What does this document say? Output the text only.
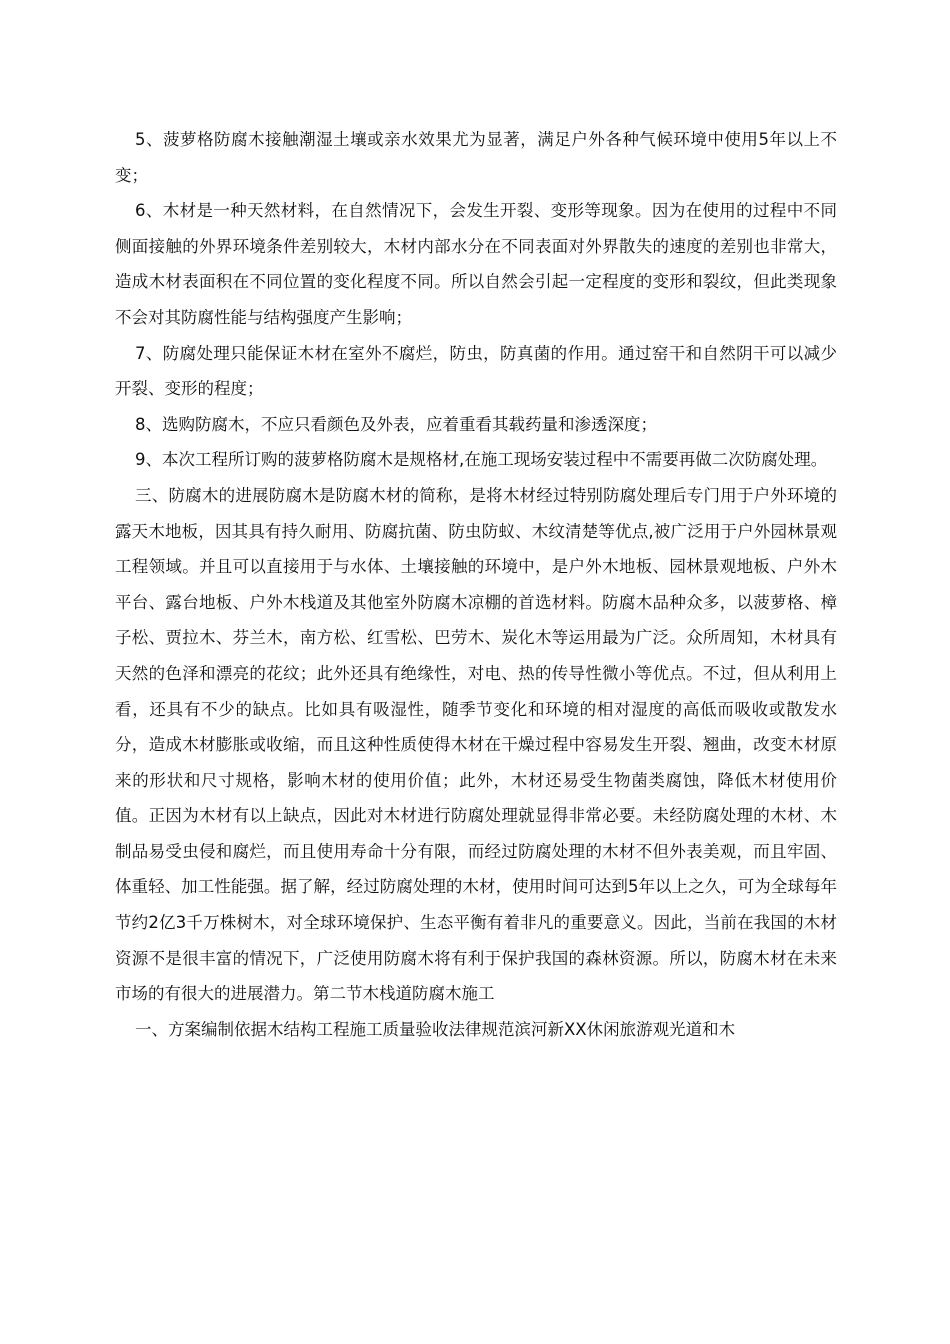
5、菠萝格防腐木接触潮湿土壤或亲水效果尤为显著，满足户外各种气候环境中使用5年以上不变；

6、木材是一种天然材料，在自然情况下，会发生开裂、变形等现象。因为在使用的过程中不同侧面接触的外界环境条件差别较大，木材内部水分在不同表面对外界散失的速度的差别也非常大，造成木材表面积在不同位置的变化程度不同。所以自然会引起一定程度的变形和裂纹，但此类现象不会对其防腐性能与结构强度产生影响；

7、防腐处理只能保证木材在室外不腐烂，防虫，防真菌的作用。通过窑干和自然阴干可以减少开裂、变形的程度；

8、选购防腐木，不应只看颜色及外表，应着重看其载药量和渗透深度；

9、本次工程所订购的菠萝格防腐木是规格材,在施工现场安装过程中不需要再做二次防腐处理。

三、防腐木的进展防腐木是防腐木材的简称，是将木材经过特别防腐处理后专门用于户外环境的露天木地板，因其具有持久耐用、防腐抗菌、防虫防蚁、木纹清楚等优点,被广泛用于户外园林景观工程领域。并且可以直接用于与水体、土壤接触的环境中，是户外木地板、园林景观地板、户外木平台、露台地板、户外木栈道及其他室外防腐木凉棚的首选材料。防腐木品种众多，以菠萝格、樟子松、贾拉木、芬兰木，南方松、红雪松、巴劳木、炭化木等运用最为广泛。众所周知，木材具有天然的色泽和漂亮的花纹；此外还具有绝缘性，对电、热的传导性微小等优点。不过，但从利用上看，还具有不少的缺点。比如具有吸湿性，随季节变化和环境的相对湿度的高低而吸收或散发水分，造成木材膨胀或收缩，而且这种性质使得木材在干燥过程中容易发生开裂、翘曲，改变木材原来的形状和尺寸规格，影响木材的使用价值；此外，木材还易受生物菌类腐蚀，降低木材使用价值。正因为木材有以上缺点，因此对木材进行防腐处理就显得非常必要。未经防腐处理的木材、木制品易受虫侵和腐烂，而且使用寿命十分有限，而经过防腐处理的木材不但外表美观，而且牢固、体重轻、加工性能强。据了解，经过防腐处理的木材，使用时间可达到5年以上之久，可为全球每年节约2亿3千万株树木，对全球环境保护、生态平衡有着非凡的重要意义。因此，当前在我国的木材资源不是很丰富的情况下，广泛使用防腐木将有利于保护我国的森林资源。所以，防腐木材在未来市场的有很大的进展潜力。第二节木栈道防腐木施工

一、方案编制依据木结构工程施工质量验收法律规范滨河新XX休闲旅游观光道和木
